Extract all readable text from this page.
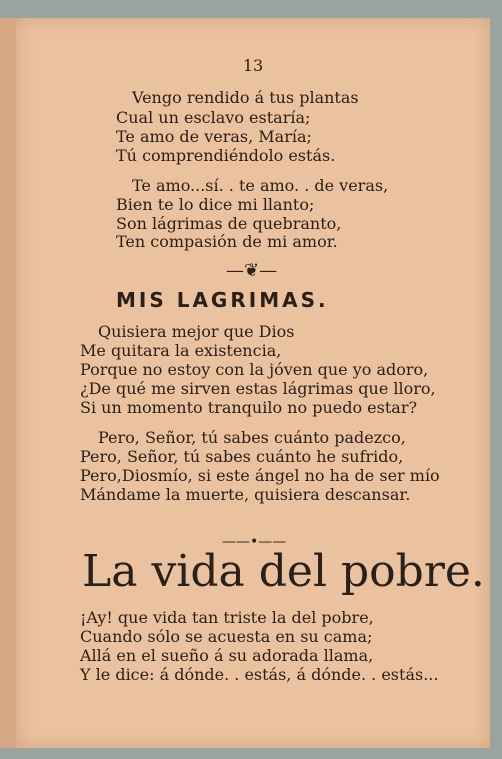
13
Vengo rendido á tus plantas
Cual un esclavo estaría;
Te amo de veras, María;
Tú comprendiéndolo estás.
Te amo...sí. . te amo. . de veras,
Bien te lo dice mi llanto;
Son lágrimas de quebranto,
Ten compasión de mi amor.
—❦—
MIS LAGRIMAS.
Quisiera mejor que Dios
Me quitara la existencia,
Porque no estoy con la jóven que yo adoro,
¿De qué me sirven estas lágrimas que lloro,
Si un momento tranquilo no puedo estar?
Pero, Señor, tú sabes cuánto padezco,
Pero, Señor, tú sabes cuánto he sufrido,
Pero,Diosmío, si este ángel no ha de ser mío
Mándame la muerte, quisiera descansar.
——•——
La vida del pobre.
¡Ay! que vida tan triste la del pobre,
Cuando sólo se acuesta en su cama;
Allá en el sueño á su adorada llama,
Y le dice: á dónde. . estás, á dónde. . estás...
